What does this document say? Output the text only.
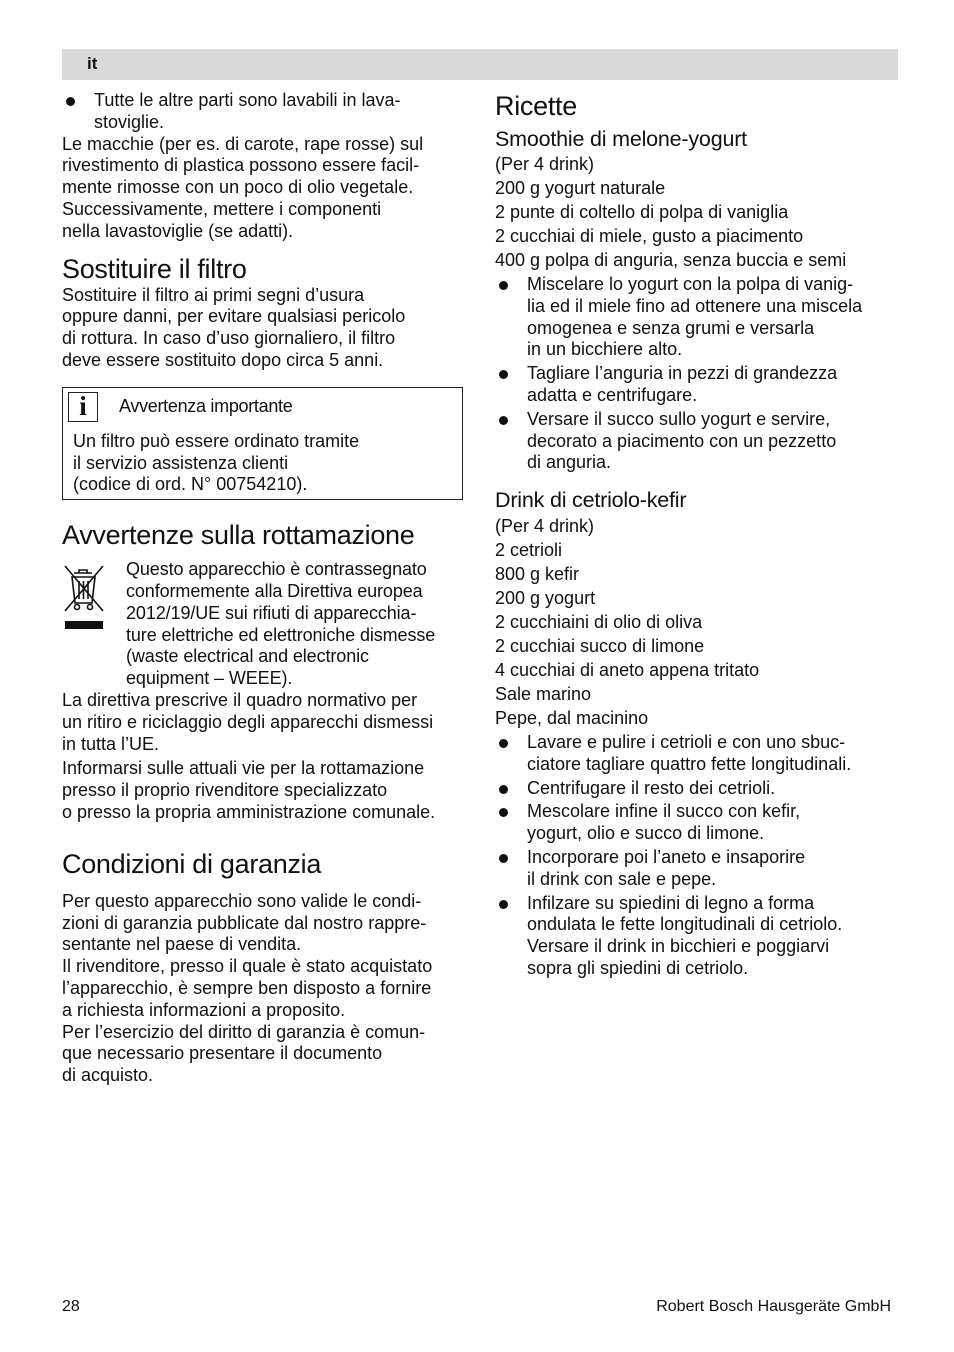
it
Tutte le altre parti sono lavabili in lava-
stoviglie.

Le macchie (per es. di carote, rape rosse) sul
rivestimento di plastica possono essere facil-
mente rimosse con un poco di olio vegetale.
Successivamente, mettere i componenti
nella lavastoviglie (se adatti).

Sostituire il filtro

Sostituire il filtro ai primi segni d’usura
oppure danni, per evitare qualsiasi pericolo
di rottura. In caso d’uso giornaliero, il filtro
deve essere sostituito dopo circa 5 anni.

i	Avvertenza importante

Un filtro può essere ordinato tramite
il servizio assistenza clienti
(codice di ord. N° 00754210).

Avvertenze sulla rottamazione

Questo apparecchio è contrassegnato
conformemente alla Direttiva europea
2012/19/UE sui rifiuti di apparecchia-
ture elettriche ed elettroniche dismesse
(waste electrical and electronic
equipment – WEEE).

La direttiva prescrive il quadro normativo per
un ritiro e riciclaggio degli apparecchi dismessi
in tutta l’UE.

Informarsi sulle attuali vie per la rottamazione
presso il proprio rivenditore specializzato
o presso la propria amministrazione comunale.

Condizioni di garanzia

Per questo apparecchio sono valide le condi-
zioni di garanzia pubblicate dal nostro rappre-
sentante nel paese di vendita.
Il rivenditore, presso il quale è stato acquistato
l’apparecchio, è sempre ben disposto a fornire
a richiesta informazioni a proposito.
Per l’esercizio del diritto di garanzia è comun-
que necessario presentare il documento
di acquisto.

Ricette
Smoothie di melone-yogurt

(Per 4 drink)

200 g yogurt naturale

2 punte di coltello di polpa di vaniglia

2 cucchiai di miele, gusto a piacimento

400 g polpa di anguria, senza buccia e semi

Miscelare lo yogurt con la polpa di vanig-
lia ed il miele fino ad ottenere una miscela
omogenea e senza grumi e versarla
in un bicchiere alto.
Tagliare l’anguria in pezzi di grandezza
adatta e centrifugare.
Versare il succo sullo yogurt e servire,
decorato a piacimento con un pezzetto
di anguria.
Drink di cetriolo-kefir

(Per 4 drink)

2 cetrioli

800 g kefir

200 g yogurt

2 cucchiaini di olio di oliva

2 cucchiai succo di limone

4 cucchiai di aneto appena tritato

Sale marino

Pepe, dal macinino

Lavare e pulire i cetrioli e con uno sbuc-
ciatore tagliare quattro fette longitudinali.
Centrifugare il resto dei cetrioli.
Mescolare infine il succo con kefir,
yogurt, olio e succo di limone.
Incorporare poi l’aneto e insaporire
il drink con sale e pepe.
Infilzare su spiedini di legno a forma
ondulata le fette longitudinali di cetriolo.
Versare il drink in bicchieri e poggiarvi
sopra gli spiedini di cetriolo.
28	Robert Bosch Hausgeräte GmbH
